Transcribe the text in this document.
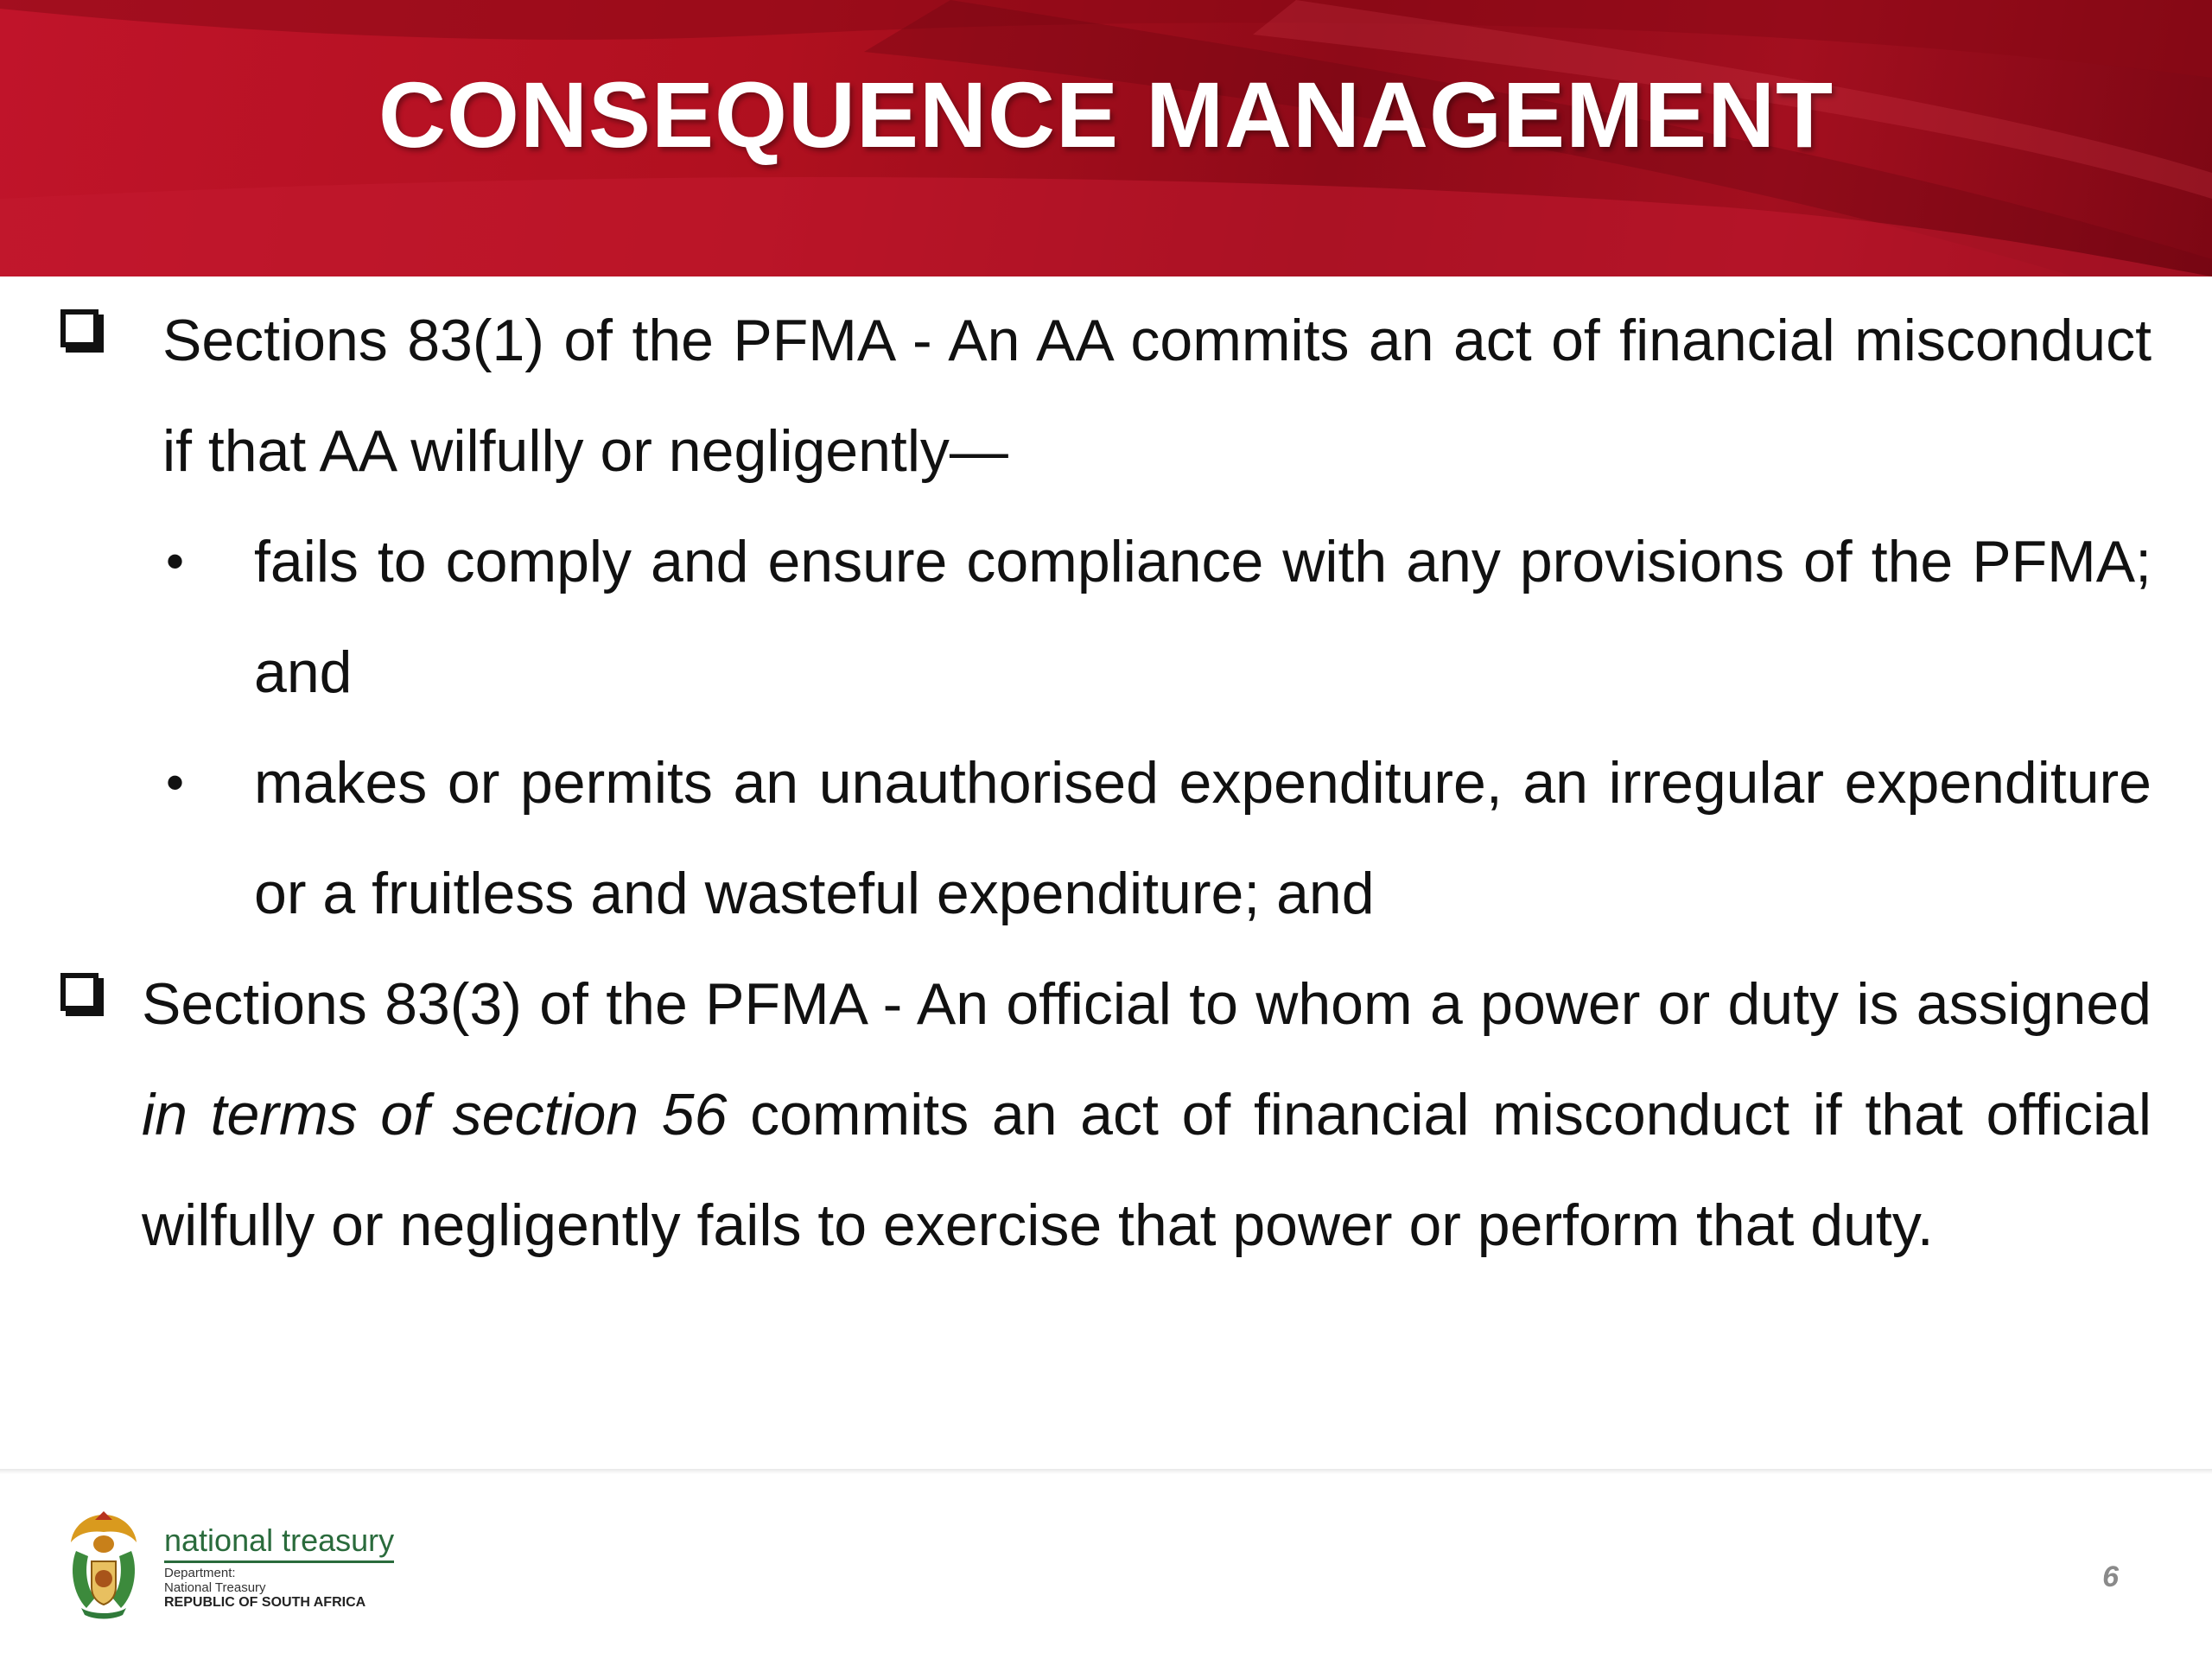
CONSEQUENCE MANAGEMENT

Sections 83(1) of the PFMA - An AA commits an act of financial misconduct if that AA wilfully or negligently—

• fails to comply and ensure compliance with any provisions of the PFMA; and

• makes or permits an unauthorised expenditure, an irregular expenditure or a fruitless and wasteful expenditure; and

Sections 83(3) of the PFMA - An official to whom a power or duty is assigned in terms of section 56 commits an act of financial misconduct if that official wilfully or negligently fails to exercise that power or perform that duty.

national treasury
Department:
National Treasury
REPUBLIC OF SOUTH AFRICA
6
